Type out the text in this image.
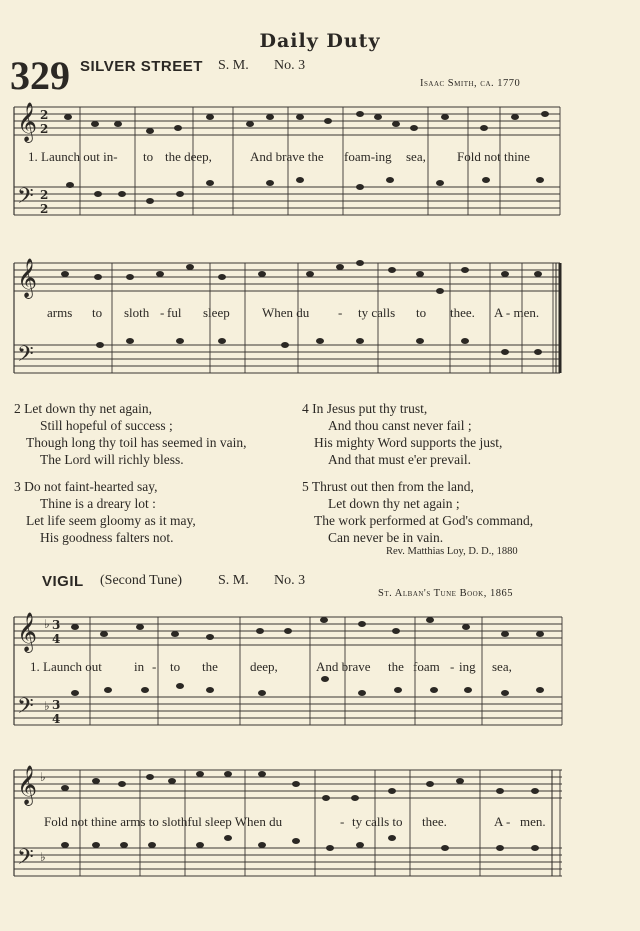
Daily Duty
329 SILVER STREET S. M. No. 3
Isaac Smith, ca. 1770
𝄞
𝄢
𝄞
𝄢
𝄞
𝄢
𝄞
𝄢
2
2
2
2
3
4
3
4
♭
♭
♭
♭
1. Launch out in- to the deep,	And brave the foam-ing sea, Fold not thine
arms to sloth - ful sleep When du - ty calls to thee. A - men.
2 Let down thy net again,
Still hopeful of success ;
Though long thy toil has seemed in vain,
The Lord will richly bless.
3 Do not faint-hearted say,
Thine is a dreary lot :
Let life seem gloomy as it may,
His goodness falters not.
4 In Jesus put thy trust,
And thou canst never fail ;
His mighty Word supports the just,
And that must e'er prevail.
5 Thrust out then from the land,
Let down thy net again ;
The work performed at God's command,
Can never be in vain.
Rev. Matthias Loy, D. D., 1880
VIGIL (Second Tune)	S. M. No. 3
St. Alban's Tune Book, 1865
1. Launch out in - to the deep,	And brave the foam - ing sea,
Fold not thine arms to slothful sleep When du	- ty calls to thee.	A - men.
